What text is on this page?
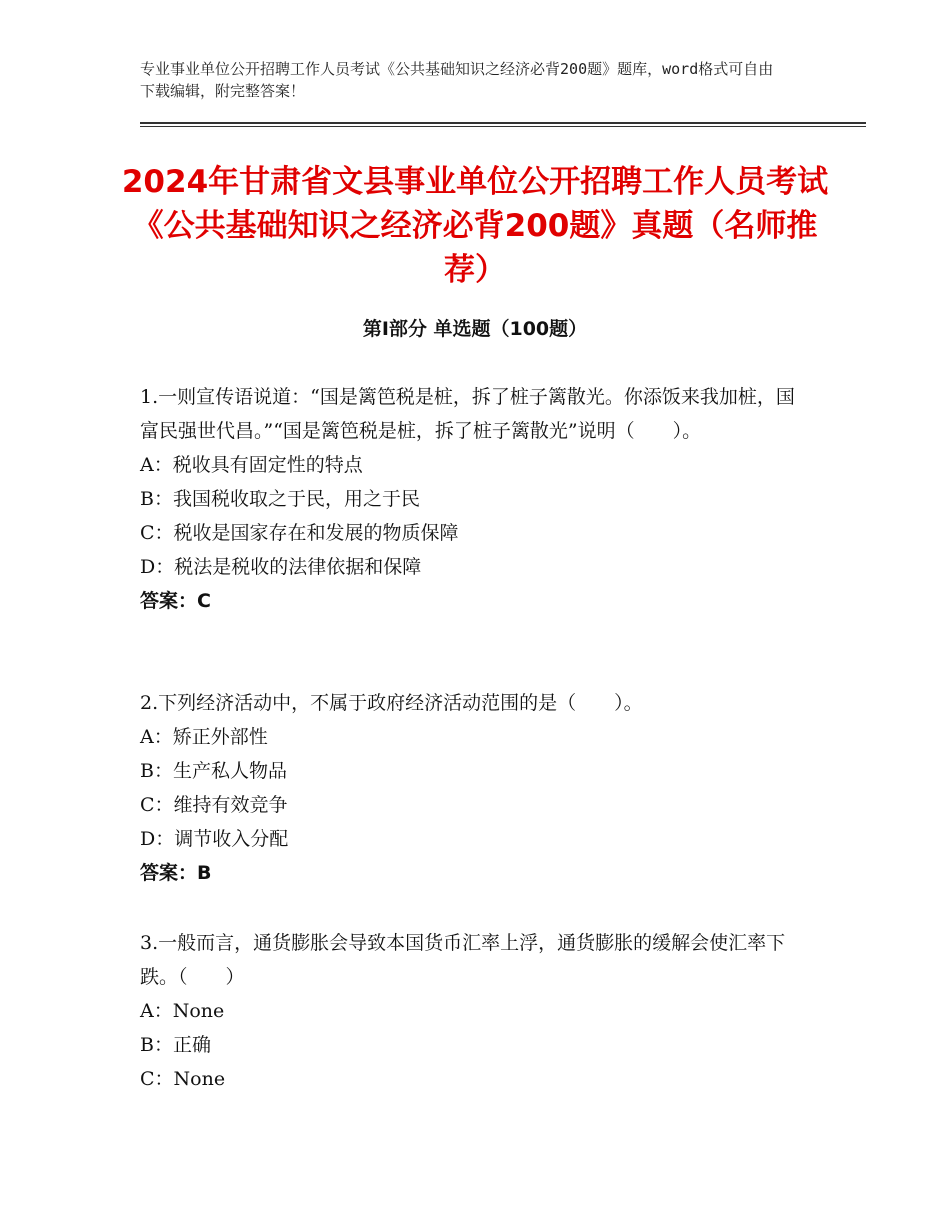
专业事业单位公开招聘工作人员考试《公共基础知识之经济必背200题》题库，word格式可自由下载编辑，附完整答案！
2024年甘肃省文县事业单位公开招聘工作人员考试《公共基础知识之经济必背200题》真题（名师推荐）
第Ⅰ部分 单选题（100题）
1.一则宣传语说道：“国是篱笆税是桩，拆了桩子篱散光。你添饭来我加桩，国富民强世代昌。”“国是篱笆税是桩，拆了桩子篱散光”说明（　　）。
A：税收具有固定性的特点
B：我国税收取之于民，用之于民
C：税收是国家存在和发展的物质保障
D：税法是税收的法律依据和保障
答案：C
2.下列经济活动中，不属于政府经济活动范围的是（　　）。
A：矫正外部性
B：生产私人物品
C：维持有效竞争
D：调节收入分配
答案：B
3.一般而言，通货膨胀会导致本国货币汇率上浮，通货膨胀的缓解会使汇率下跌。（　　）
A：None
B：正确
C：None
